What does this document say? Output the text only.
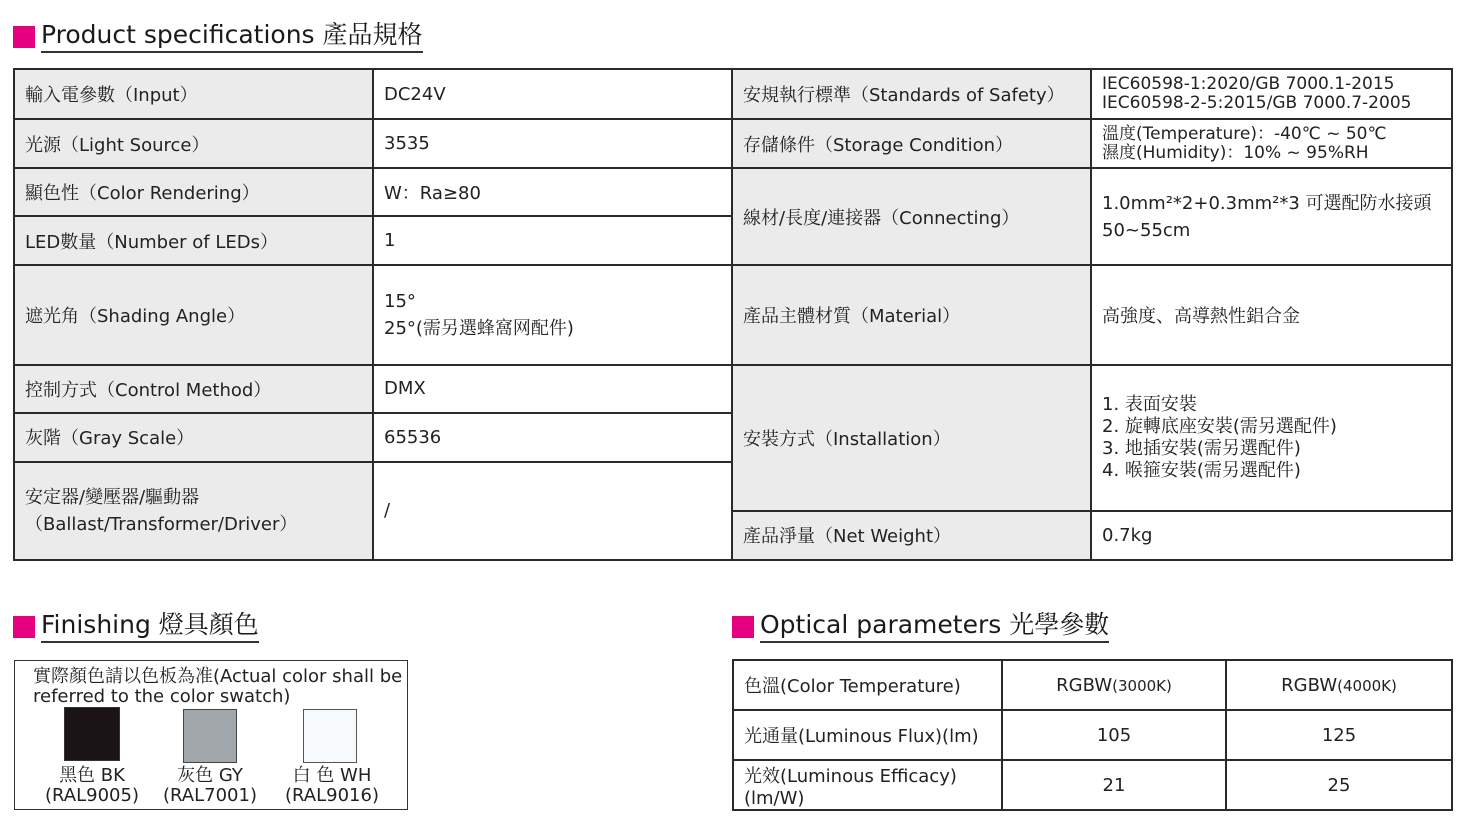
Product specifications 產品規格
輸入電參數（Input）	DC24V	安規執行標準（Standards of Safety）	IEC60598-1:2020/GB 7000.1-2015
IEC60598-2-5:2015/GB 7000.7-2005

光源（Light Source）	3535	存儲條件（Storage Condition）	溫度(Temperature)：-40℃ ~ 50℃
濕度(Humidity)：10% ~ 95%RH

顯色性（Color Rendering）	W：Ra≥80	線材/長度/連接器（Connecting）	1.0mm²*2+0.3mm²*3 可選配防水接頭
50~55cm

LED數量（Number of LEDs）	1		
遮光角（Shading Angle）	15°
25°(需另選蜂窩网配件)	產品主體材質（Material）	高強度、高導熱性鋁合金
控制方式（Control Method）	DMX	安裝方式（Installation）	1. 表面安裝
2. 旋轉底座安裝(需另選配件)
3. 地插安裝(需另選配件)
4. 喉箍安裝(需另選配件)

灰階（Gray Scale）	65536		

安定器/變壓器/驅動器
（Ballast/Transformer/Driver）	/		
		產品淨量（Net Weight）	0.7kg
Finishing 燈具顏色
實際顏色請以色板為准(Actual color shall be referred to the color swatch)
黑色 BK
(RAL9005)
灰色 GY
(RAL7001)
白 色 WH
(RAL9016)
Optical parameters 光學參數
色溫(Color Temperature)	RGBW(3000K)	RGBW(4000K)
光通量(Luminous Flux)(lm)	105	125
光效(Luminous Efficacy)(lm/W)	21	25
